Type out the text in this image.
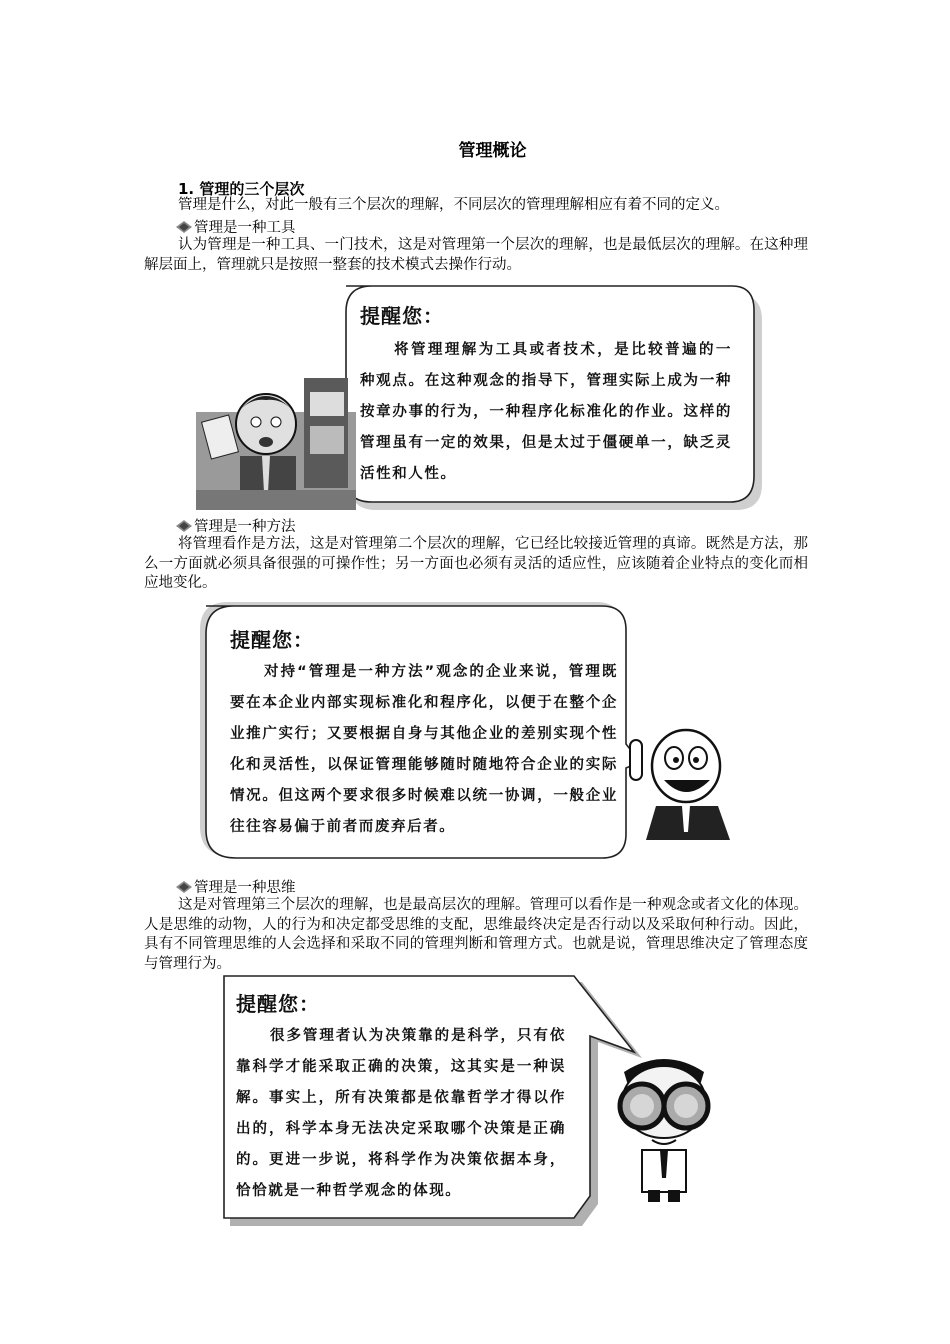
管理概论
1. 管理的三个层次
管理是什么，对此一般有三个层次的理解，不同层次的管理理解相应有着不同的定义。
管理是一种工具
认为管理是一种工具、一门技术，这是对管理第一个层次的理解，也是最低层次的理解。在这种理解层面上，管理就只是按照一整套的技术模式去操作行动。
提醒您：
将管理理解为工具或者技术，是比较普遍的一种观点。在这种观念的指导下，管理实际上成为一种按章办事的行为，一种程序化标准化的作业。这样的管理虽有一定的效果，但是太过于僵硬单一，缺乏灵活性和人性。
管理是一种方法
将管理看作是方法，这是对管理第二个层次的理解，它已经比较接近管理的真谛。既然是方法，那么一方面就必须具备很强的可操作性；另一方面也必须有灵活的适应性，应该随着企业特点的变化而相应地变化。
提醒您：
对持“管理是一种方法”观念的企业来说，管理既要在本企业内部实现标准化和程序化，以便于在整个企业推广实行；又要根据自身与其他企业的差别实现个性化和灵活性，以保证管理能够随时随地符合企业的实际情况。但这两个要求很多时候难以统一协调，一般企业往往容易偏于前者而废弃后者。
管理是一种思维
这是对管理第三个层次的理解，也是最高层次的理解。管理可以看作是一种观念或者文化的体现。人是思维的动物，人的行为和决定都受思维的支配，思维最终决定是否行动以及采取何种行动。因此，具有不同管理思维的人会选择和采取不同的管理判断和管理方式。也就是说，管理思维决定了管理态度与管理行为。
提醒您：
很多管理者认为决策靠的是科学，只有依靠科学才能采取正确的决策，这其实是一种误解。事实上，所有决策都是依靠哲学才得以作出的，科学本身无法决定采取哪个决策是正确的。更进一步说，将科学作为决策依据本身，恰恰就是一种哲学观念的体现。
